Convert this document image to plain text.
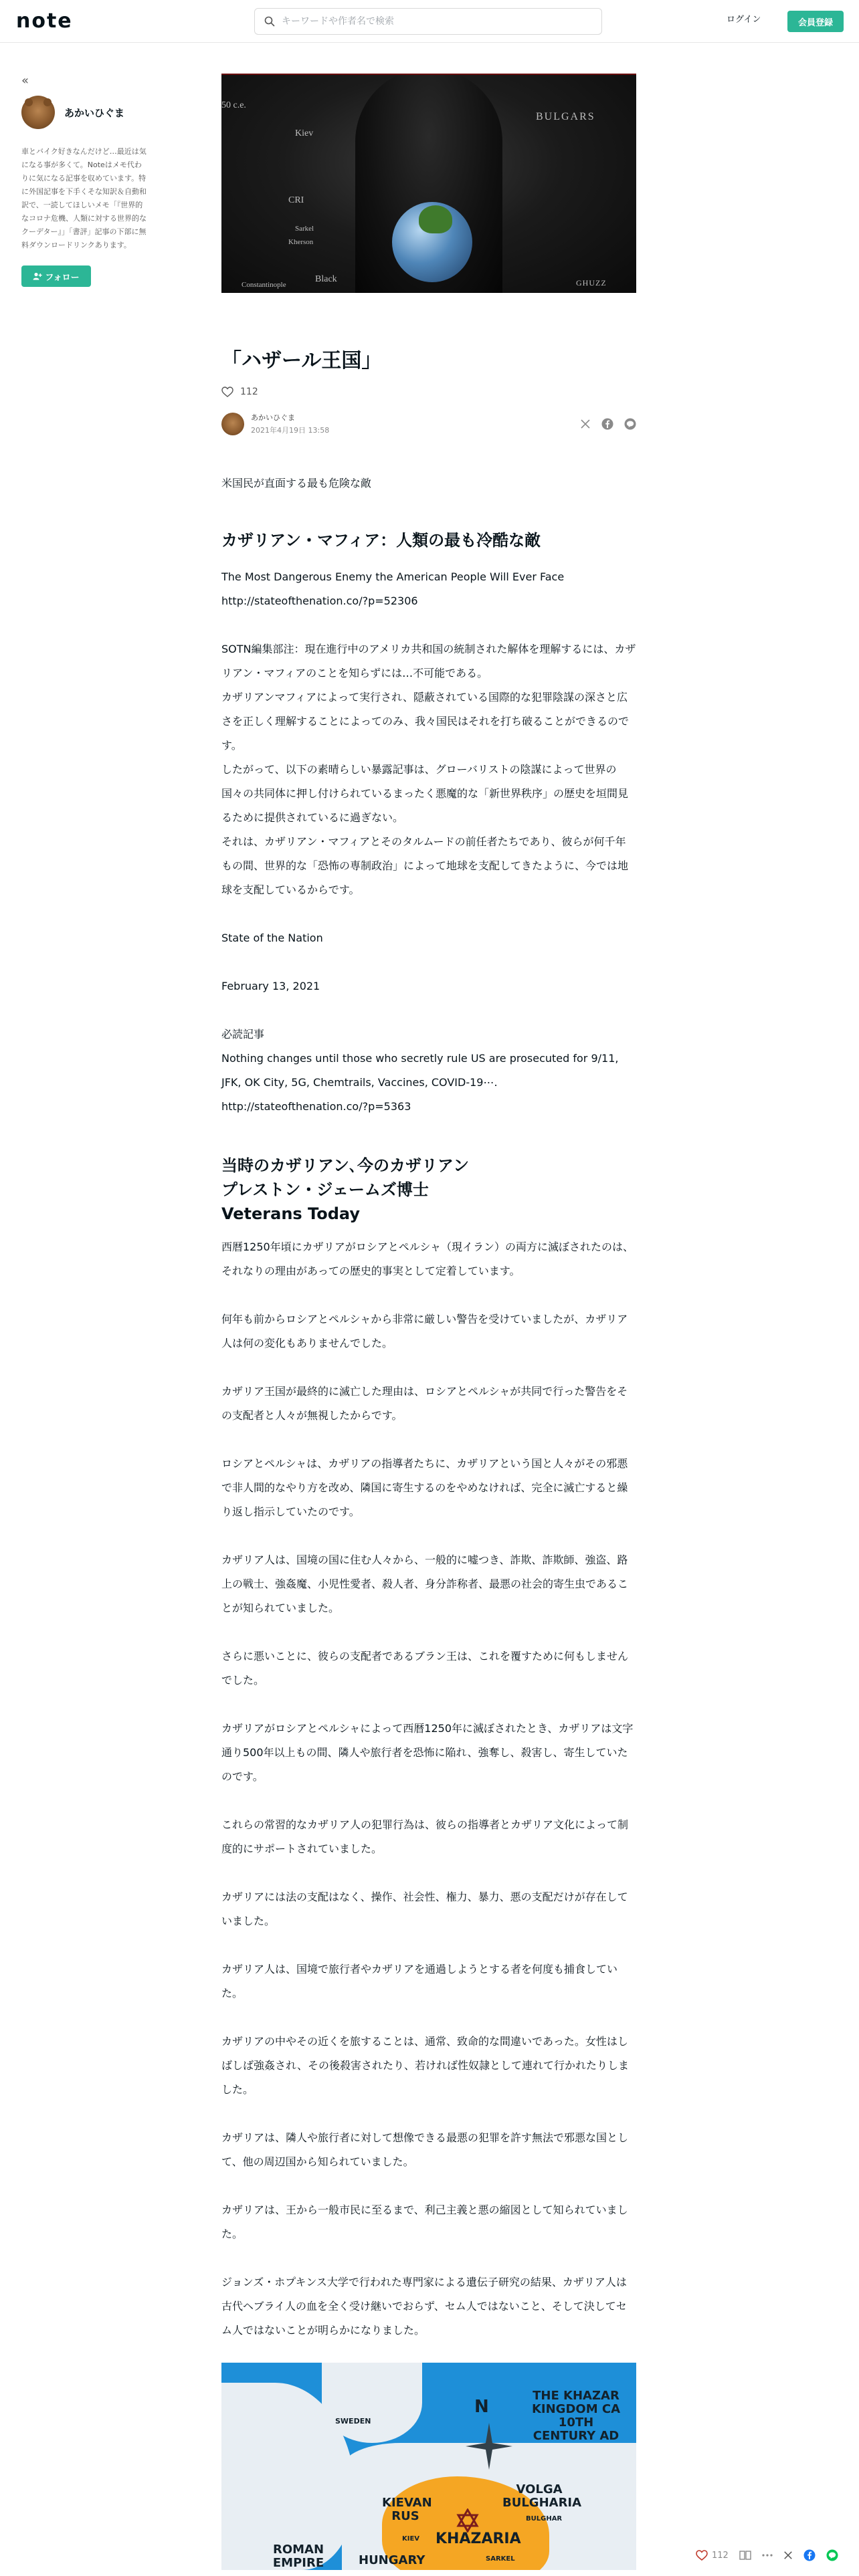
note
キーワードや作者名で検索	ログイン	会員登録
«
あかいひぐま
車とバイク好きなんだけど…最近は気になる事が多くて。Noteはメモ代わりに気になる記事を収めています。特に外国記事を下手くそな知訳＆自動和訳で、一読してほしいメモ「『世界的なコロナ危機、人類に対する世界的なクーデター』」「書評」記事の下部に無料ダウンロードリンクあります。
フォロー
BULGARS
Kiev
50 c.e.
CRI
Sarkel
Kherson
Constantinople
Black	GHUZZ
「ハザール王国」
112
あかいひぐま
2021年4月19日 13:58

米国民が直面する最も危険な敵

カザリアン・マフィア：人類の最も冷酷な敵

The Most Dangerous Enemy the American People Will Ever Face

http://stateofthenation.co/?p=52306

SOTN編集部注：現在進行中のアメリカ共和国の統制された解体を理解するには、カザリアン・マフィアのことを知らずには…不可能である。

カザリアンマフィアによって実行され、隠蔽されている国際的な犯罪陰謀の深さと広さを正しく理解することによってのみ、我々国民はそれを打ち破ることができるのです。

したがって、以下の素晴らしい暴露記事は、グローバリストの陰謀によって世界の国々の共同体に押し付けられているまったく悪魔的な「新世界秩序」の歴史を垣間見るために提供されているに過ぎない。

それは、カザリアン・マフィアとそのタルムードの前任者たちであり、彼らが何千年もの間、世界的な「恐怖の専制政治」によって地球を支配してきたように、今では地球を支配しているからです。

State of the Nation

February 13, 2021

必読記事

Nothing changes until those who secretly rule US are prosecuted for 9/11, JFK, OK City, 5G, Chemtrails, Vaccines, COVID-19⋯.

http://stateofthenation.co/?p=5363

当時のカザリアン､今のカザリアン
プレストン・ジェームズ博士
Veterans Today

西暦1250年頃にカザリアがロシアとペルシャ（現イラン）の両方に滅ぼされたのは、それなりの理由があっての歴史的事実として定着しています。

何年も前からロシアとペルシャから非常に厳しい警告を受けていましたが、カザリア人は何の変化もありませんでした。

カザリア王国が最終的に滅亡した理由は、ロシアとペルシャが共同で行った警告をその支配者と人々が無視したからです。

ロシアとペルシャは、カザリアの指導者たちに、カザリアという国と人々がその邪悪で非人間的なやり方を改め、隣国に寄生するのをやめなければ、完全に滅亡すると繰り返し指示していたのです。

カザリア人は、国境の国に住む人々から、一般的に嘘つき、詐欺、詐欺師、強盗、路上の戦士、強姦魔、小児性愛者、殺人者、身分詐称者、最悪の社会的寄生虫であることが知られていました。

さらに悪いことに、彼らの支配者であるブラン王は、これを覆すために何もしませんでした。

カザリアがロシアとペルシャによって西暦1250年に滅ぼされたとき、カザリアは文字通り500年以上もの間、隣人や旅行者を恐怖に陥れ、強奪し、殺害し、寄生していたのです。

これらの常習的なカザリア人の犯罪行為は、彼らの指導者とカザリア文化によって制度的にサポートされていました。

カザリアには法の支配はなく、操作、社会性、権力、暴力、悪の支配だけが存在していました。

カザリア人は、国境で旅行者やカザリアを通過しようとする者を何度も捕食していた。

カザリアの中やその近くを旅することは、通常、致命的な間違いであった。女性はしばしば強姦され、その後殺害されたり、若ければ性奴隷として連れて行かれたりしました。

カザリアは、隣人や旅行者に対して想像できる最悪の犯罪を許す無法で邪悪な国として、他の周辺国から知られていました。

カザリアは、王から一般市民に至るまで、利己主義と悪の縮図として知られていました。

ジョンズ・ホプキンス大学で行われた専門家による遺伝子研究の結果、カザリア人は古代ヘブライ人の血を全く受け継いでおらず、セム人ではないこと、そして決してセム人ではないことが明らかになりました。

SWEDEN
N
THE KHAZAR KINGDOM CA 10TH CENTURY AD
VOLGA BULGHARIA
BULGHAR
KIEVAN RUS
KIEV KHAZARIA
SARKEL
ROMAN EMPIRE	HUNGARY	112
